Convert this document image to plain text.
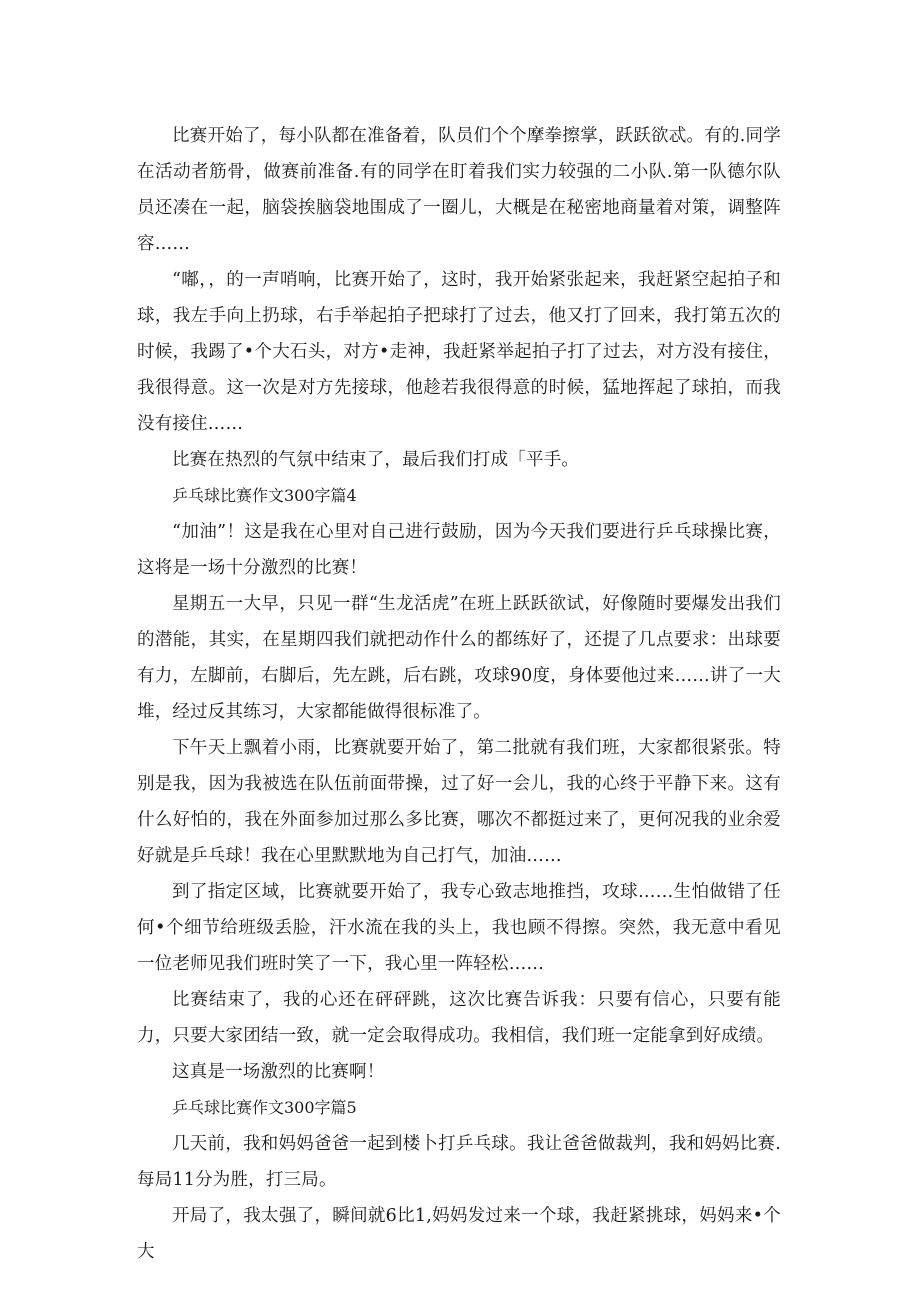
比赛开始了，每小队都在准备着，队员们个个摩拳擦掌，跃跃欲忒。有的.同学在活动者筋骨，做赛前准备.有的同学在盯着我们实力较强的二小队.第一队德尔队员还凑在一起，脑袋挨脑袋地围成了一圈儿，大概是在秘密地商量着对策，调整阵容……

“嘟，，的一声哨响，比赛开始了，这时，我开始紧张起来，我赶紧空起拍子和球，我左手向上扔球，右手举起拍子把球打了过去，他又打了回来，我打第五次的时候，我踢了•个大石头，对方•走神，我赶紧举起拍子打了过去，对方没有接住，我很得意。这一次是对方先接球，他趁若我很得意的时候，猛地挥起了球拍，而我没有接住……

比赛在热烈的气氛中结束了，最后我们打成「平手。

乒乓球比赛作文300字篇4

“加油”！这是我在心里对自己进行鼓励，因为今天我们要进行乒乓球操比赛，这将是一场十分激烈的比赛！

星期五一大早，只见一群“生龙活虎”在班上跃跃欲试，好像随时要爆发出我们的潜能，其实，在星期四我们就把动作什么的都练好了，还提了几点要求：出球要有力，左脚前，右脚后，先左跳，后右跳，攻球90度，身体要他过来……讲了一大堆，经过反其练习，大家都能做得很标准了。

下午天上飘着小雨，比赛就要开始了，第二批就有我们班，大家都很紧张。特别是我，因为我被选在队伍前面带操，过了好一会儿，我的心终于平静下来。这有什么好怕的，我在外面参加过那么多比赛，哪次不都挺过来了，更何况我的业余爱好就是乒乓球！我在心里默默地为自己打气，加油……

到了指定区域，比赛就要开始了，我专心致志地推挡，攻球……生怕做错了任何•个细节给班级丢脸，汗水流在我的头上，我也顾不得擦。突然，我无意中看见一位老师见我们班时笑了一下，我心里一阵轻松……

比赛结束了，我的心还在砰砰跳，这次比赛告诉我：只要有信心，只要有能力，只要大家团结一致，就一定会取得成功。我相信，我们班一定能拿到好成绩。

这真是一场激烈的比赛啊！

乒乓球比赛作文300字篇5

几天前，我和妈妈爸爸一起到楼卜打乒乓球。我让爸爸做裁判，我和妈妈比赛.每局11分为胜，打三局。

开局了，我太强了，瞬间就6比1,妈妈发过来一个球，我赶紧挑球，妈妈来•个大
